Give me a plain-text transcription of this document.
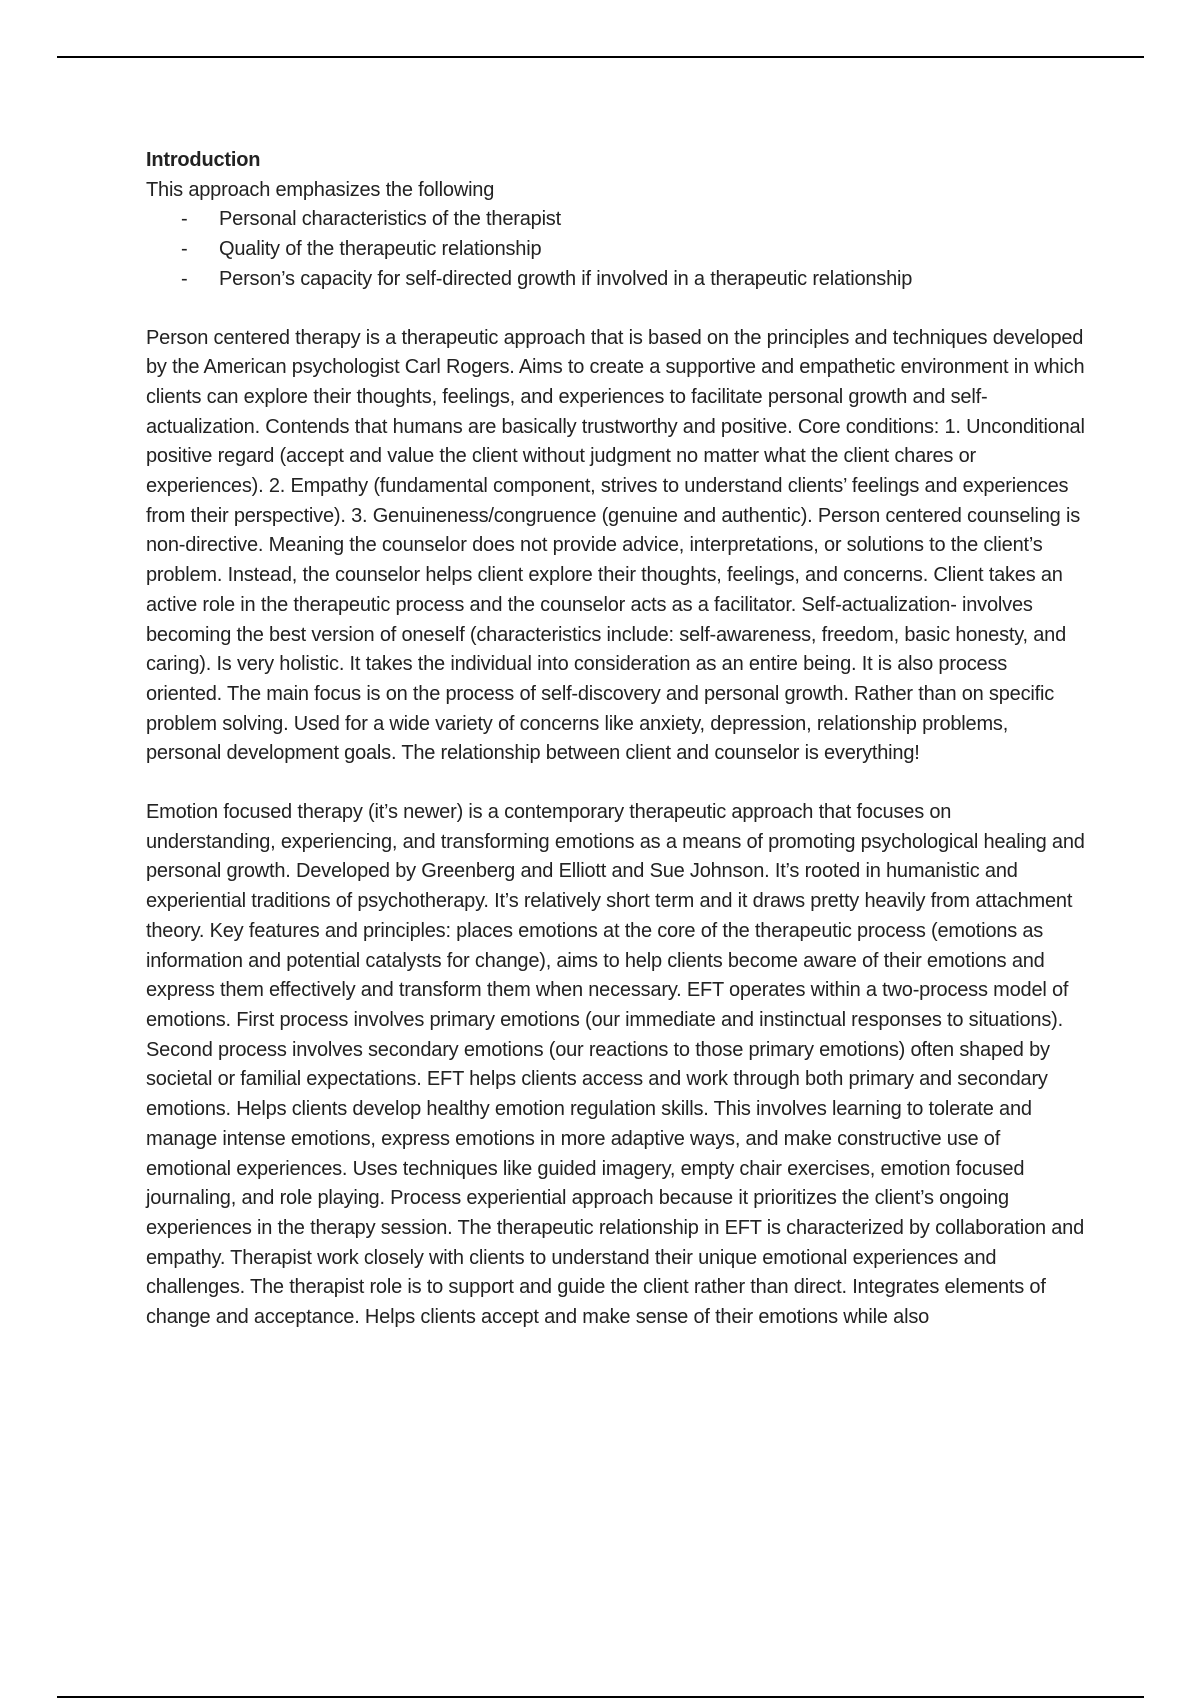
Introduction

This approach emphasizes the following

- Personal characteristics of the therapist
- Quality of the therapeutic relationship
- Person’s capacity for self-directed growth if involved in a therapeutic relationship

Person centered therapy is a therapeutic approach that is based on the principles and techniques developed by the American psychologist Carl Rogers. Aims to create a supportive and empathetic environment in which clients can explore their thoughts, feelings, and experiences to facilitate personal growth and self-actualization. Contends that humans are basically trustworthy and positive. Core conditions: 1. Unconditional positive regard (accept and value the client without judgment no matter what the client chares or experiences). 2. Empathy (fundamental component, strives to understand clients’ feelings and experiences from their perspective). 3. Genuineness/congruence (genuine and authentic). Person centered counseling is non-directive. Meaning the counselor does not provide advice, interpretations, or solutions to the client’s problem. Instead, the counselor helps client explore their thoughts, feelings, and concerns. Client takes an active role in the therapeutic process and the counselor acts as a facilitator. Self-actualization- involves becoming the best version of oneself (characteristics include: self-awareness, freedom, basic honesty, and caring). Is very holistic. It takes the individual into consideration as an entire being. It is also process oriented. The main focus is on the process of self-discovery and personal growth. Rather than on specific problem solving. Used for a wide variety of concerns like anxiety, depression, relationship problems, personal development goals. The relationship between client and counselor is everything!

Emotion focused therapy (it’s newer) is a contemporary therapeutic approach that focuses on understanding, experiencing, and transforming emotions as a means of promoting psychological healing and personal growth. Developed by Greenberg and Elliott and Sue Johnson. It’s rooted in humanistic and experiential traditions of psychotherapy. It’s relatively short term and it draws pretty heavily from attachment theory. Key features and principles: places emotions at the core of the therapeutic process (emotions as information and potential catalysts for change), aims to help clients become aware of their emotions and express them effectively and transform them when necessary. EFT operates within a two-process model of emotions. First process involves primary emotions (our immediate and instinctual responses to situations). Second process involves secondary emotions (our reactions to those primary emotions) often shaped by societal or familial expectations. EFT helps clients access and work through both primary and secondary emotions. Helps clients develop healthy emotion regulation skills. This involves learning to tolerate and manage intense emotions, express emotions in more adaptive ways, and make constructive use of emotional experiences. Uses techniques like guided imagery, empty chair exercises, emotion focused journaling, and role playing. Process experiential approach because it prioritizes the client’s ongoing experiences in the therapy session. The therapeutic relationship in EFT is characterized by collaboration and empathy. Therapist work closely with clients to understand their unique emotional experiences and challenges. The therapist role is to support and guide the client rather than direct. Integrates elements of change and acceptance. Helps clients accept and make sense of their emotions while also
